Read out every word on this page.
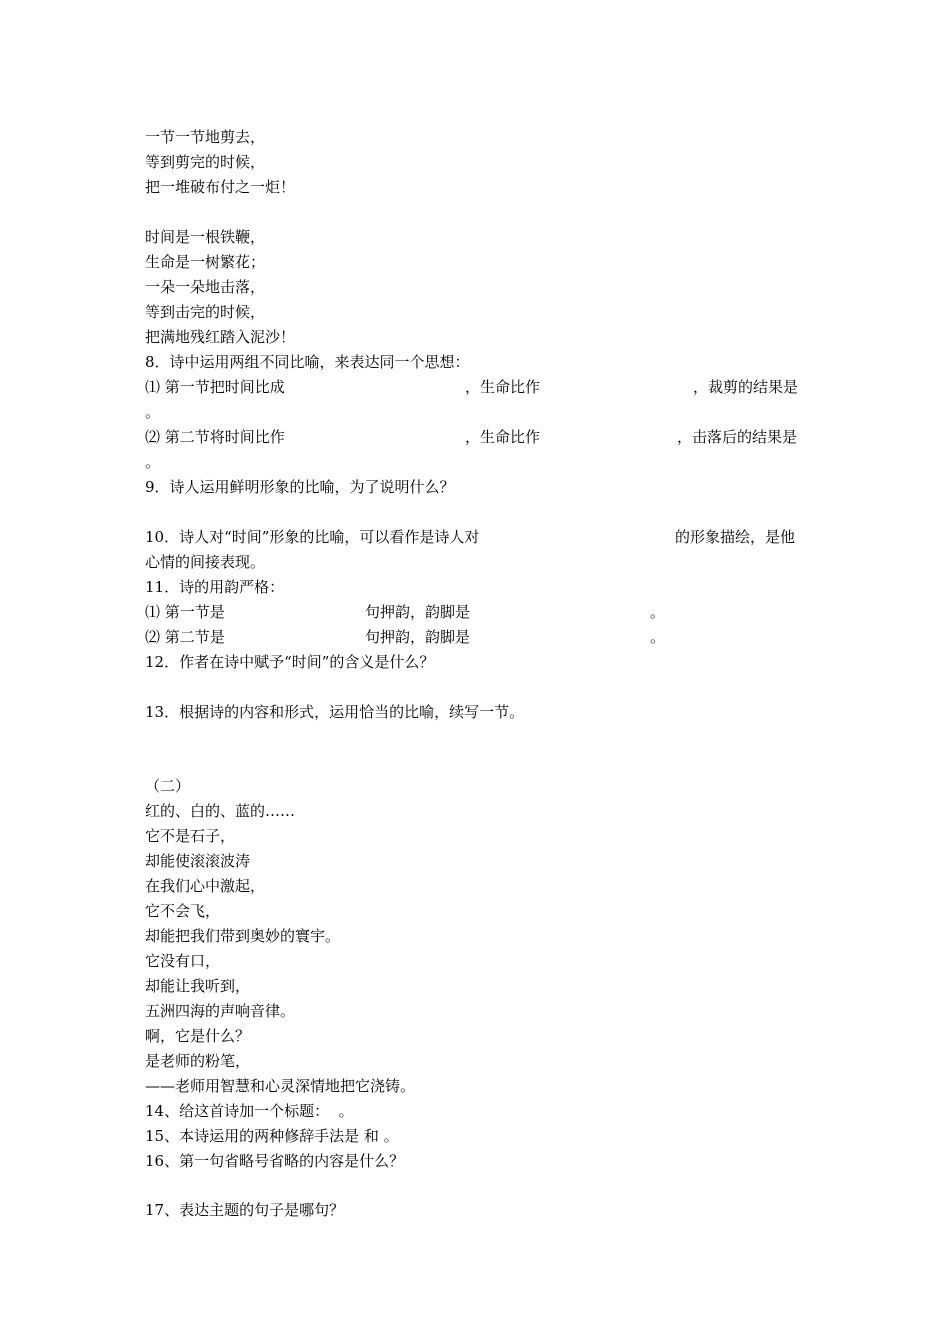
一节一节地剪去，
等到剪完的时候，
把一堆破布付之一炬！
时间是一根铁鞭，
生命是一树繁花；
一朵一朵地击落，
等到击完的时候，
把满地残红踏入泥沙！
8．诗中运用两组不同比喻，来表达同一个思想：

⑴ 第一节把时间比成

	，生命比作

	，裁剪的结果是

。

⑵ 第二节将时间比作

	，生命比作

	，击落后的结果是

。
9．诗人运用鲜明形象的比喻，为了说明什么？

10．诗人对“时间”形象的比喻，可以看作是诗人对

	的形象描绘，是他

心情的间接表现。
11．诗的用韵严格：

⑴ 第一节是

	句押韵，韵脚是

	。

⑵ 第二节是

	句押韵，韵脚是

	。

12．作者在诗中赋予“时间”的含义是什么？
13．根据诗的内容和形式，运用恰当的比喻，续写一节。
（二）
红的、白的、蓝的……
它不是石子，
却能使滚滚波涛
在我们心中激起，
它不会飞，
却能把我们带到奥妙的寰宇。
它没有口，
却能让我听到，
五洲四海的声响音律。
啊，它是什么？
是老师的粉笔，
——老师用智慧和心灵深情地把它浇铸。
14、给这首诗加一个标题：  。
15、本诗运用的两种修辞手法是 和 。
16、第一句省略号省略的内容是什么？
17、表达主题的句子是哪句？
